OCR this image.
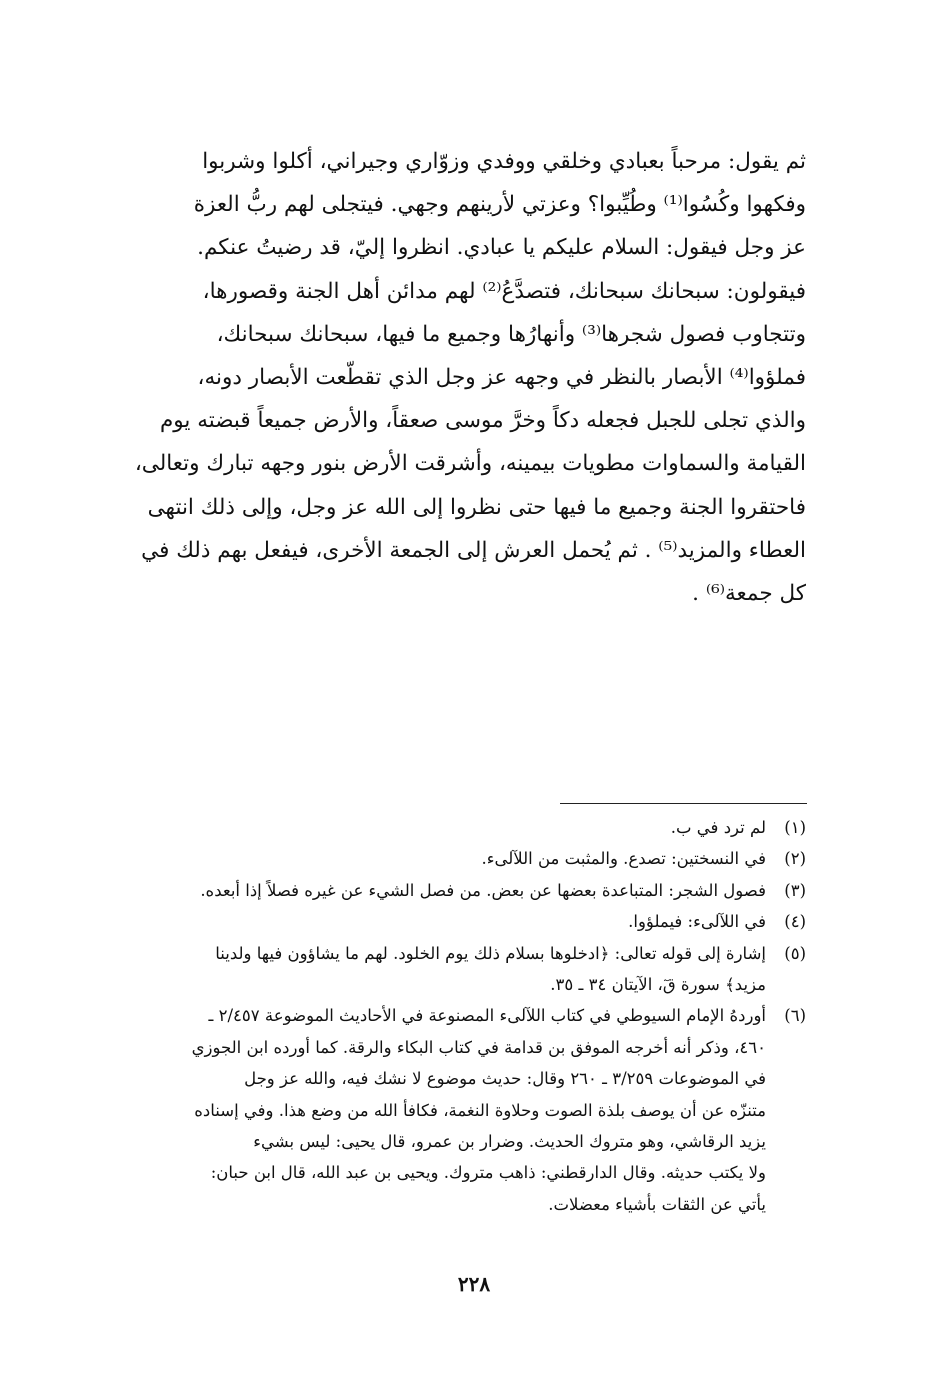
ثم يقول: مرحباً بعبادي وخلقي ووفدي وزوّاري وجيراني، أكلوا وشربوا
وفكهوا وكُسُوا⁽¹⁾ وطُيِّبوا؟ وعزتي لأرينهم وجهي. فيتجلى لهم ربُّ العزة
عز وجل فيقول: السلام عليكم يا عبادي. انظروا إليّ، قد رضيتُ عنكم.
فيقولون: سبحانك سبحانك، فتصدَّعُ⁽²⁾ لهم مدائن أهل الجنة وقصورها،
وتتجاوب فصول شجرها⁽³⁾ وأنهارُها وجميع ما فيها، سبحانك سبحانك،
فملؤوا⁽⁴⁾ الأبصار بالنظر في وجهه عز وجل الذي تقطّعت الأبصار دونه،
والذي تجلى للجبل فجعله دكاً وخرَّ موسى صعقاً، والأرض جميعاً قبضته يوم
القيامة والسماوات مطويات بيمينه، وأشرقت الأرض بنور وجهه تبارك وتعالى،
فاحتقروا الجنة وجميع ما فيها حتى نظروا إلى الله عز وجل، وإلى ذلك انتهى
العطاء والمزيد⁽⁵⁾ . ثم يُحمل العرش إلى الجمعة الأخرى، فيفعل بهم ذلك في
كل جمعة⁽⁶⁾ .

(١)
لم ترد في ب.
(٢)
في النسختين: تصدع. والمثبت من اللآلىء.
(٣)
فصول الشجر: المتباعدة بعضها عن بعض. من فصل الشيء عن غيره فصلاً إذا أبعده.
(٤)
في اللآلىء: فيملؤوا.
(٥)
إشارة إلى قوله تعالى: ﴿ادخلوها بسلام ذلك يوم الخلود. لهم ما يشاؤون فيها ولدينا
مزيد﴾ سورة قٓ، الآيتان ٣٤ ـ ٣٥.
(٦)
أوردهُ الإمام السيوطي في كتاب اللآلىء المصنوعة في الأحاديث الموضوعة ٢/٤٥٧ ـ
٤٦٠، وذكر أنه أخرجه الموفق بن قدامة في كتاب البكاء والرقة. كما أورده ابن الجوزي
في الموضوعات ٣/٢٥٩ ـ ٢٦٠ وقال: حديث موضوع لا نشك فيه، والله عز وجل
متنزّه عن أن يوصف بلذة الصوت وحلاوة النغمة، فكافأ الله من وضع هذا. وفي إسناده
يزيد الرقاشي، وهو متروك الحديث. وضرار بن عمرو، قال يحيى: ليس بشيء
ولا يكتب حديثه. وقال الدارقطني: ذاهب متروك. ويحيى بن عبد الله، قال ابن حبان:
يأتي عن الثقات بأشياء معضلات.
٢٢٨
